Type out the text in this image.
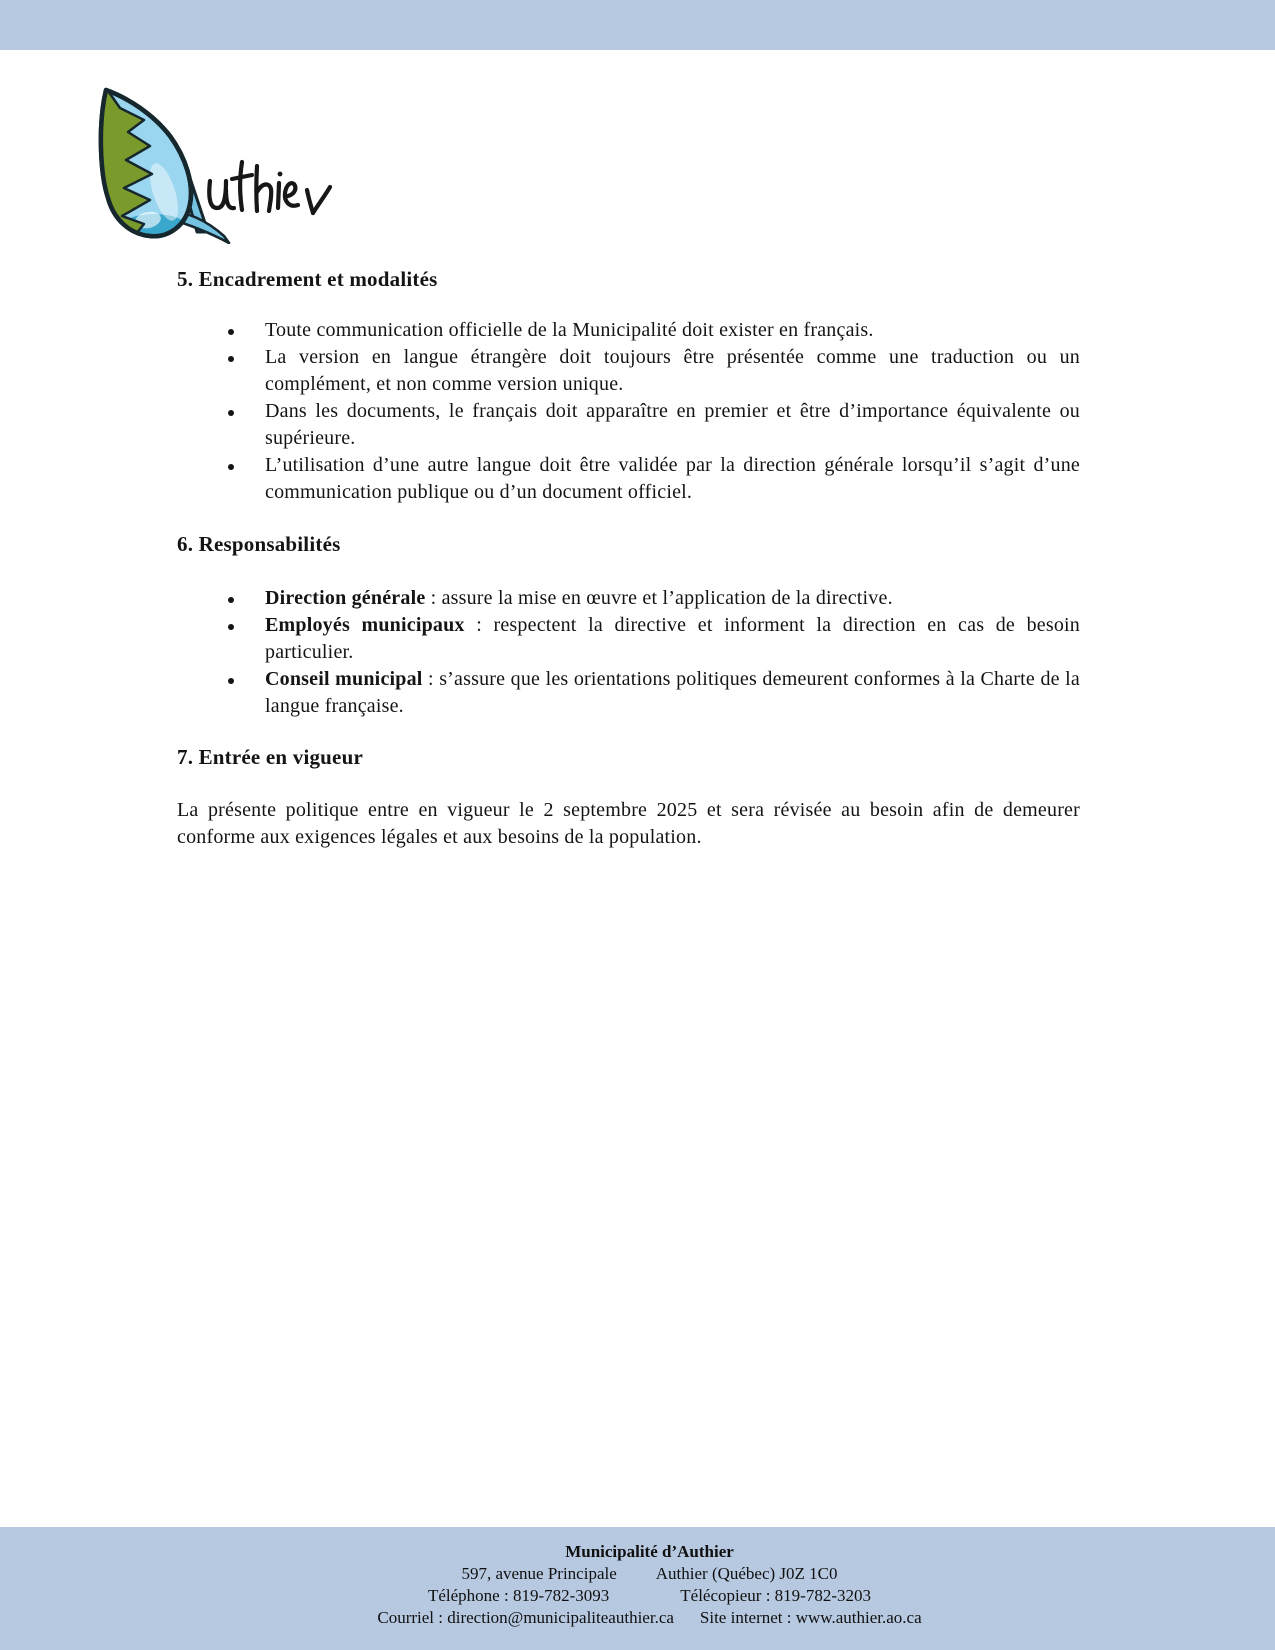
5. Encadrement et modalités
Toute communication officielle de la Municipalité doit exister en français.
La version en langue étrangère doit toujours être présentée comme une traduction ou un complément, et non comme version unique.
Dans les documents, le français doit apparaître en premier et être d’importance équivalente ou supérieure.
L’utilisation d’une autre langue doit être validée par la direction générale lorsqu’il s’agit d’une communication publique ou d’un document officiel.
6. Responsabilités
Direction générale : assure la mise en œuvre et l’application de la directive.
Employés municipaux : respectent la directive et informent la direction en cas de besoin particulier.
Conseil municipal : s’assure que les orientations politiques demeurent conformes à la Charte de la langue française.
7. Entrée en vigueur

La présente politique entre en vigueur le 2 septembre 2025 et sera révisée au besoin afin de demeurer conforme aux exigences légales et aux besoins de la population.

Municipalité d’Authier
597, avenue Principale Authier (Québec) J0Z 1C0
Téléphone : 819-782-3093	Télécopieur : 819-782-3203
Courriel : direction@municipaliteauthier.ca Site internet : www.authier.ao.ca
